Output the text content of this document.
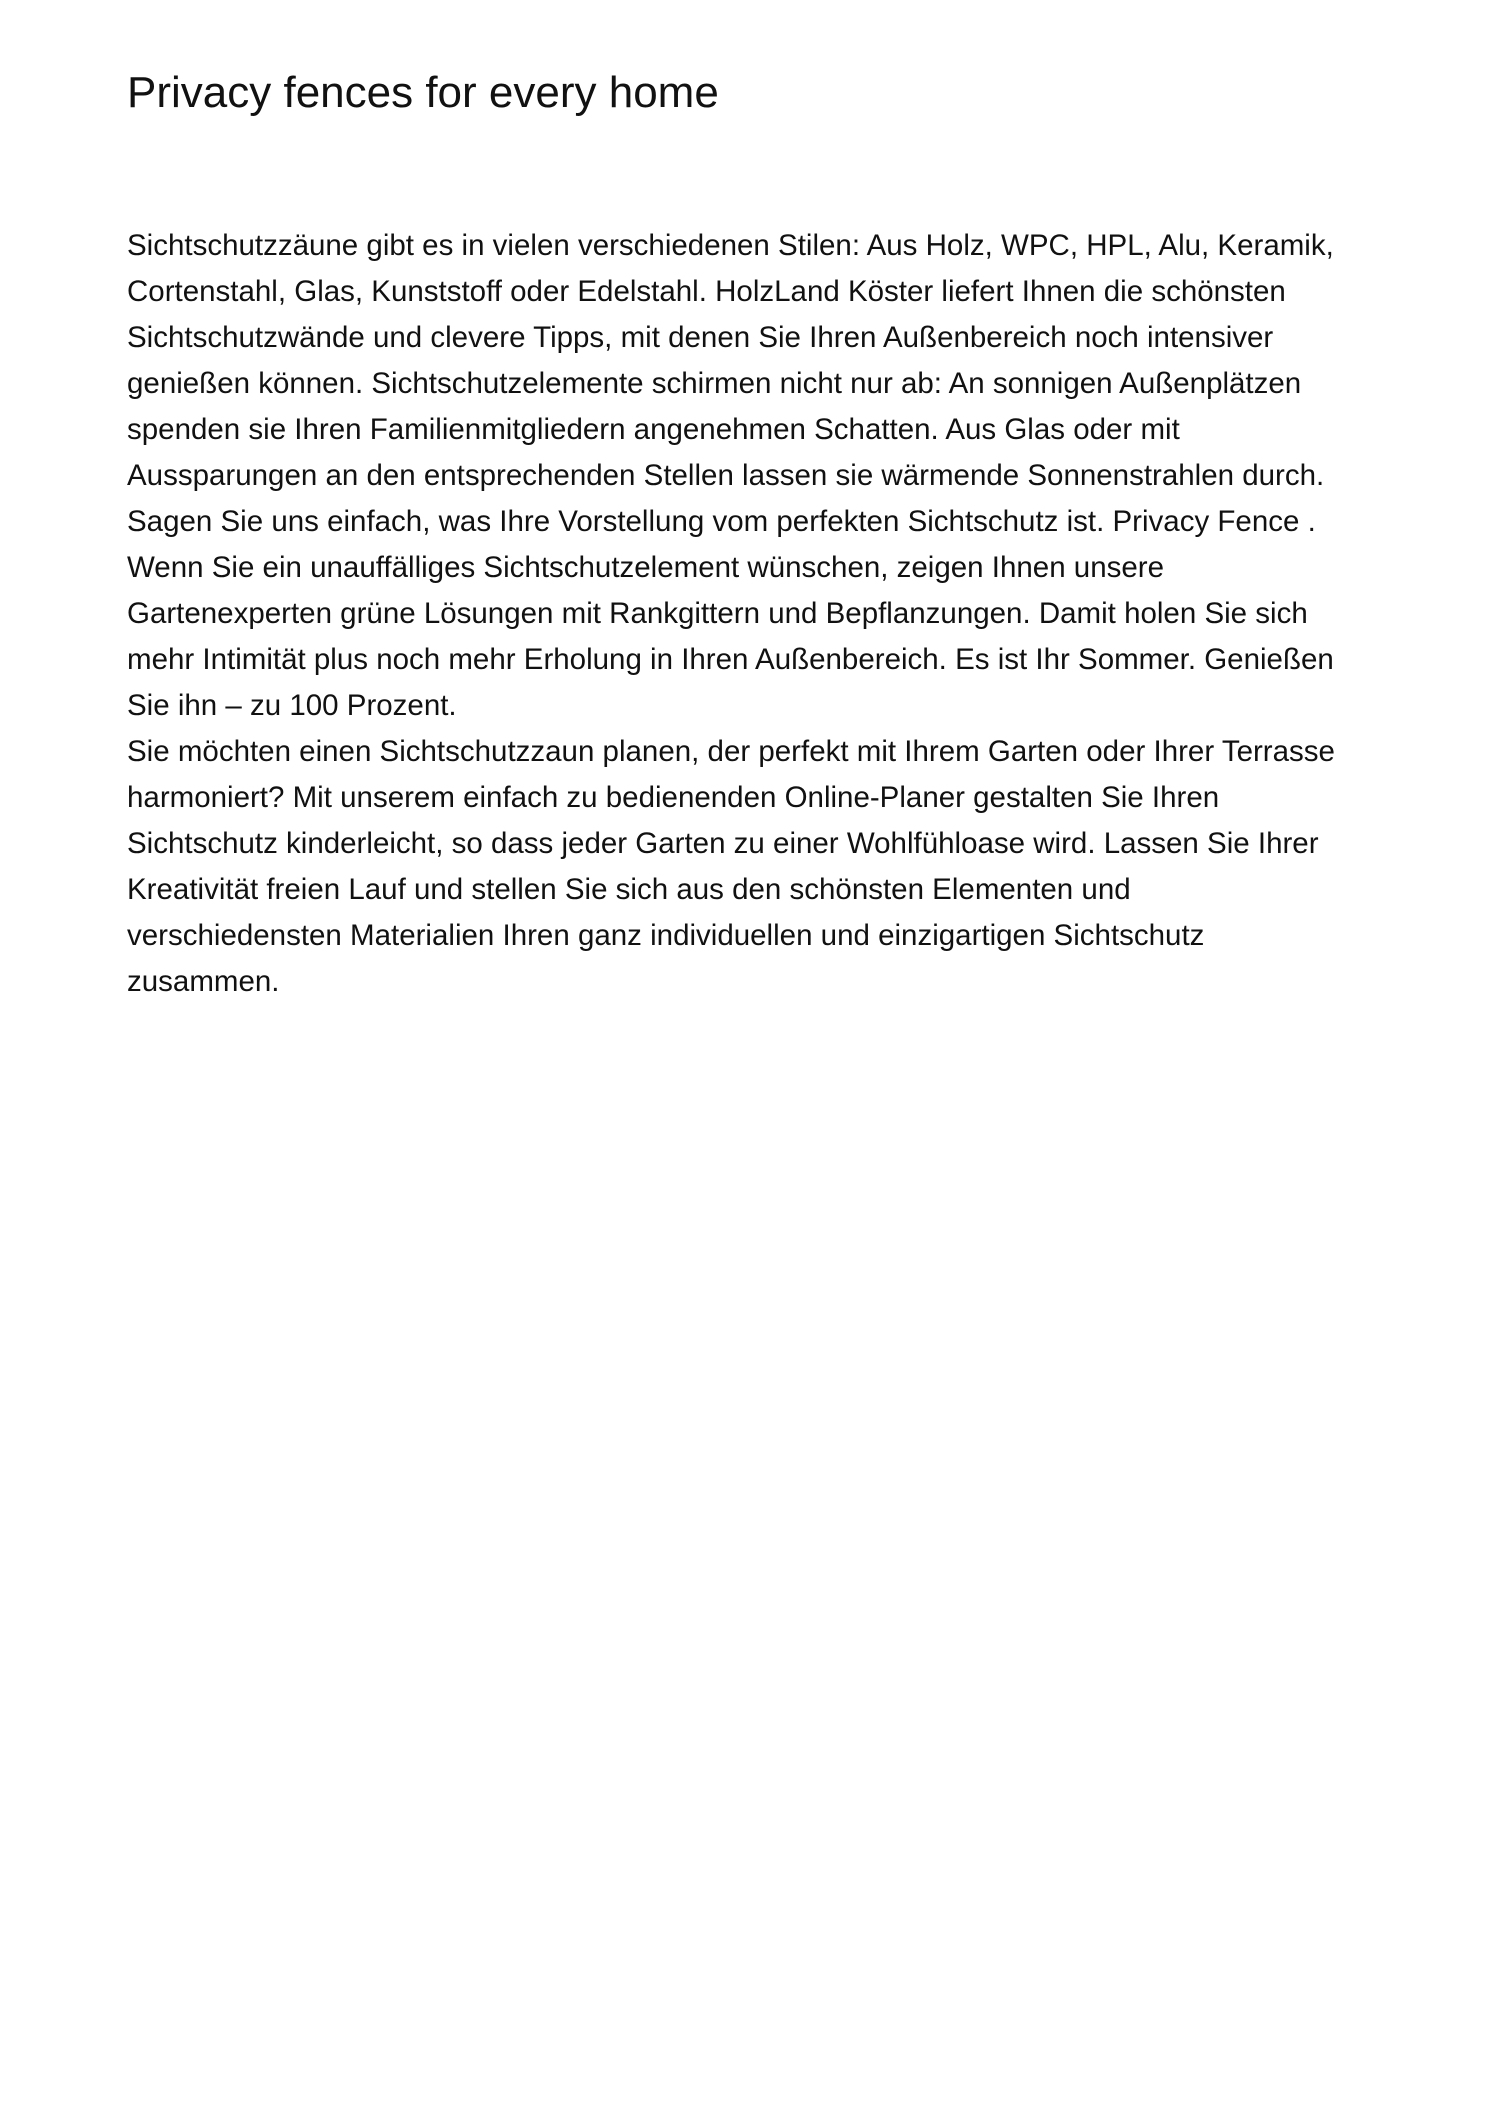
Privacy fences for every home
Sichtschutzzäune gibt es in vielen verschiedenen Stilen: Aus Holz, WPC, HPL, Alu, Keramik,
Cortenstahl, Glas, Kunststoff oder Edelstahl. HolzLand Köster liefert Ihnen die schönsten
Sichtschutzwände und clevere Tipps, mit denen Sie Ihren Außenbereich noch intensiver
genießen können. Sichtschutzelemente schirmen nicht nur ab: An sonnigen Außenplätzen
spenden sie Ihren Familienmitgliedern angenehmen Schatten. Aus Glas oder mit
Aussparungen an den entsprechenden Stellen lassen sie wärmende Sonnenstrahlen durch.
Sagen Sie uns einfach, was Ihre Vorstellung vom perfekten Sichtschutz ist. Privacy Fence .
Wenn Sie ein unauffälliges Sichtschutzelement wünschen, zeigen Ihnen unsere
Gartenexperten grüne Lösungen mit Rankgittern und Bepflanzungen. Damit holen Sie sich
mehr Intimität plus noch mehr Erholung in Ihren Außenbereich. Es ist Ihr Sommer. Genießen
Sie ihn – zu 100 Prozent.
Sie möchten einen Sichtschutzzaun planen, der perfekt mit Ihrem Garten oder Ihrer Terrasse
harmoniert? Mit unserem einfach zu bedienenden Online-Planer gestalten Sie Ihren
Sichtschutz kinderleicht, so dass jeder Garten zu einer Wohlfühloase wird. Lassen Sie Ihrer
Kreativität freien Lauf und stellen Sie sich aus den schönsten Elementen und
verschiedensten Materialien Ihren ganz individuellen und einzigartigen Sichtschutz
zusammen.
